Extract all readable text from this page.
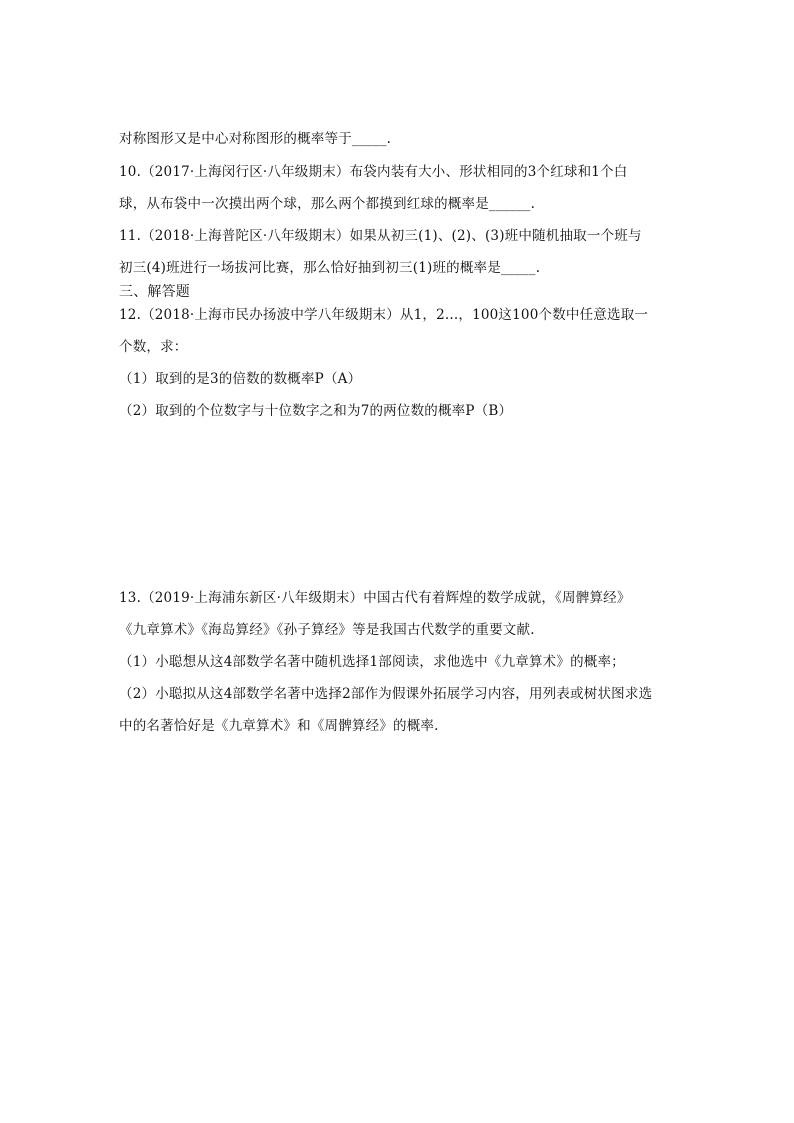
对称图形又是中心对称图形的概率等于_____.
10.（2017·上海闵行区·八年级期末）布袋内装有大小、形状相同的3个红球和1个白
球，从布袋中一次摸出两个球，那么两个都摸到红球的概率是______.
11.（2018·上海普陀区·八年级期末）如果从初三(1)、(2)、(3)班中随机抽取一个班与
初三(4)班进行一场拔河比赛，那么恰好抽到初三(1)班的概率是_____.
三、解答题
12.（2018·上海市民办扬波中学八年级期末）从1，2...，100这100个数中任意选取一
个数，求：
（1）取到的是3的倍数的数概率P（A）
（2）取到的个位数字与十位数字之和为7的两位数的概率P（B）
13.（2019·上海浦东新区·八年级期末）中国古代有着辉煌的数学成就，《周髀算经》
《九章算术》《海岛算经》《孙子算经》等是我国古代数学的重要文献.
（1）小聪想从这4部数学名著中随机选择1部阅读，求他选中《九章算术》的概率；
（2）小聪拟从这4部数学名著中选择2部作为假课外拓展学习内容，用列表或树状图求选
中的名著恰好是《九章算术》和《周髀算经》的概率.
